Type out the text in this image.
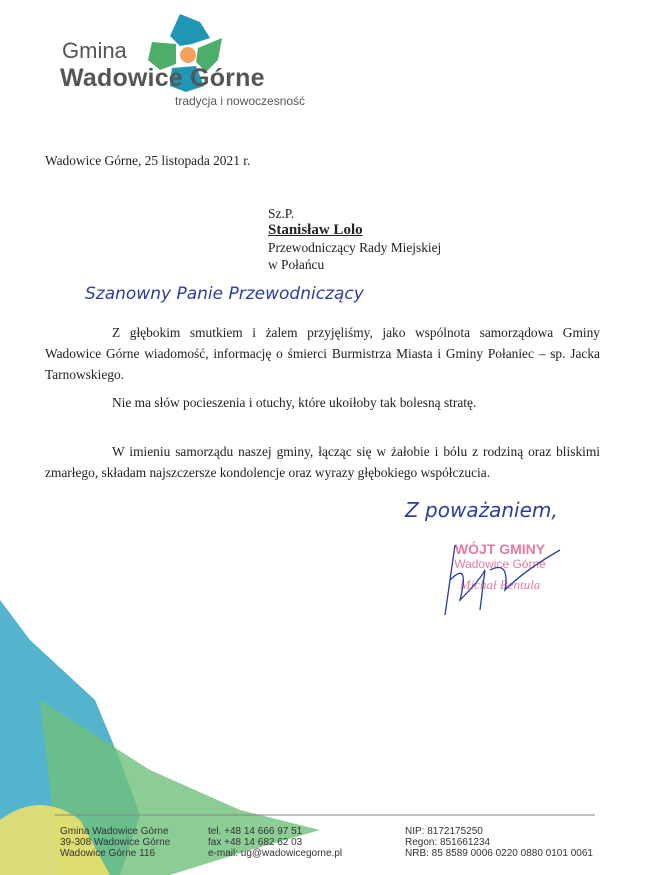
Gmina
Wadowice Górne
tradycja i nowoczesność
Wadowice Górne, 25 listopada 2021 r.
Sz.P.
Stanisław Lolo
Przewodniczący Rady Miejskiej
w Połańcu
Szanowny Panie Przewodniczący
Z głębokim smutkiem i żalem przyjęliśmy, jako wspólnota samorządowa Gminy Wadowice Górne wiadomość, informację o śmierci Burmistrza Miasta i Gminy Połaniec – sp. Jacka Tarnowskiego.
Nie ma słów pocieszenia i otuchy, które ukoiłoby tak bolesną stratę.
W imieniu samorządu naszej gminy, łącząc się w żałobie i bólu z rodziną oraz bliskimi zmarłego, składam najszczersze kondolencje oraz wyrazy głębokiego współczucia.
Z poważaniem,
WÓJT GMINY
Wadowice Górne
Michał Bentula
Gmina Wadowice Górne
39-308 Wadowice Górne
Wadowice Górne 116
tel. +48 14 666 97 51
fax +48 14 682 62 03
e-mail: ug@wadowicegorne.pl
NIP: 8172175250
Regon: 851661234
NRB: 85 8589 0006 0220 0880 0101 0061
